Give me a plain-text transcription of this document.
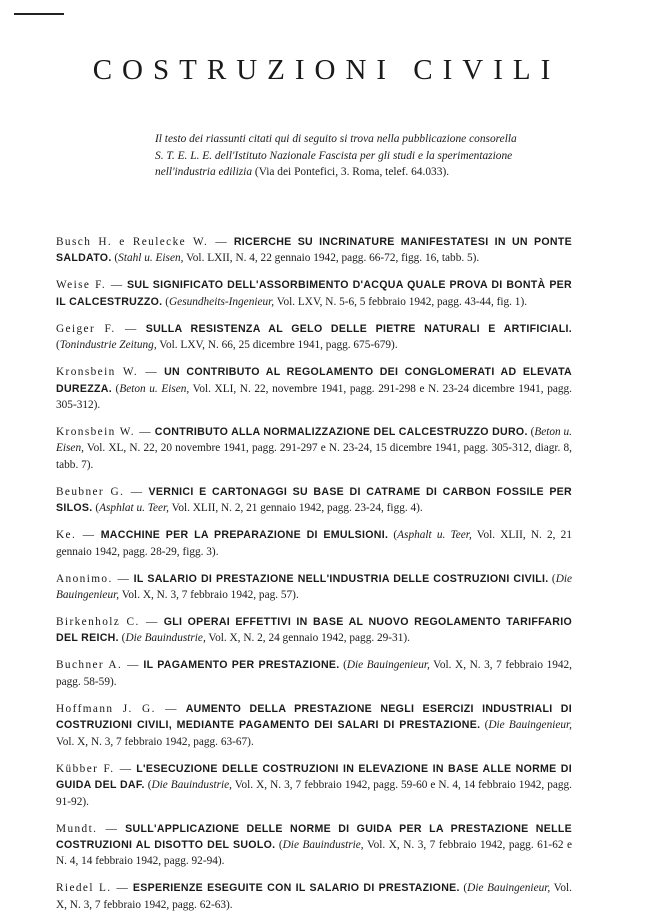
COSTRUZIONI CIVILI

Il testo dei riassunti citati qui di seguito si trova nella pubblicazione consorella
S. T. E. L. E. dell'Istituto Nazionale Fascista per gli studi e la sperimentazione
nell'industria edilizia (Via dei Pontefici, 3. Roma, telef. 64.033).

Busch H. e Reulecke W. — RICERCHE SU INCRINATURE MANIFESTATESI IN UN PONTE SALDATO. (Stahl u. Eisen, Vol. LXII, N. 4, 22 gennaio 1942, pagg. 66-72, figg. 16, tabb. 5).

Weise F. — SUL SIGNIFICATO DELL'ASSORBIMENTO D'ACQUA QUALE PROVA DI BONTÀ PER IL CALCESTRUZZO. (Gesundheits-Ingenieur, Vol. LXV, N. 5-6, 5 febbraio 1942, pagg. 43-44, fig. 1).

Geiger F. — SULLA RESISTENZA AL GELO DELLE PIETRE NATURALI E ARTIFICIALI. (Tonindustrie Zeitung, Vol. LXV, N. 66, 25 dicembre 1941, pagg. 675-679).

Kronsbein W. — UN CONTRIBUTO AL REGOLAMENTO DEI CONGLOMERATI AD ELEVATA DUREZZA. (Beton u. Eisen, Vol. XLI, N. 22, novembre 1941, pagg. 291-298 e N. 23-24 dicembre 1941, pagg. 305-312).

Kronsbein W. — CONTRIBUTO ALLA NORMALIZZAZIONE DEL CALCESTRUZZO DURO. (Beton u. Eisen, Vol. XL, N. 22, 20 novembre 1941, pagg. 291-297 e N. 23-24, 15 dicembre 1941, pagg. 305-312, diagr. 8, tabb. 7).

Beubner G. — VERNICI E CARTONAGGI SU BASE DI CATRAME DI CARBON FOSSILE PER SILOS. (Asphlat u. Teer, Vol. XLII, N. 2, 21 gennaio 1942, pagg. 23-24, figg. 4).

Ke. — MACCHINE PER LA PREPARAZIONE DI EMULSIONI. (Asphalt u. Teer, Vol. XLII, N. 2, 21 gennaio 1942, pagg. 28-29, figg. 3).

Anonimo. — IL SALARIO DI PRESTAZIONE NELL'INDUSTRIA DELLE COSTRUZIONI CIVILI. (Die Bauingenieur, Vol. X, N. 3, 7 febbraio 1942, pag. 57).

Birkenholz C. — GLI OPERAI EFFETTIVI IN BASE AL NUOVO REGOLAMENTO TARIFFARIO DEL REICH. (Die Bauindustrie, Vol. X, N. 2, 24 gennaio 1942, pagg. 29-31).

Buchner A. — IL PAGAMENTO PER PRESTAZIONE. (Die Bauingenieur, Vol. X, N. 3, 7 febbraio 1942, pagg. 58-59).

Hoffmann J. G. — AUMENTO DELLA PRESTAZIONE NEGLI ESERCIZI INDUSTRIALI DI COSTRUZIONI CIVILI, MEDIANTE PAGAMENTO DEI SALARI DI PRESTAZIONE. (Die Bauingenieur, Vol. X, N. 3, 7 febbraio 1942, pagg. 63-67).

Kübber F. — L'ESECUZIONE DELLE COSTRUZIONI IN ELEVAZIONE IN BASE ALLE NORME DI GUIDA DEL DAF. (Die Bauindustrie, Vol. X, N. 3, 7 febbraio 1942, pagg. 59-60 e N. 4, 14 febbraio 1942, pagg. 91-92).

Mundt. — SULL'APPLICAZIONE DELLE NORME DI GUIDA PER LA PRESTAZIONE NELLE COSTRUZIONI AL DISOTTO DEL SUOLO. (Die Bauindustrie, Vol. X, N. 3, 7 febbraio 1942, pagg. 61-62 e N. 4, 14 febbraio 1942, pagg. 92-94).

Riedel L. — ESPERIENZE ESEGUITE CON IL SALARIO DI PRESTAZIONE. (Die Bauingenieur, Vol. X, N. 3, 7 febbraio 1942, pagg. 62-63).
